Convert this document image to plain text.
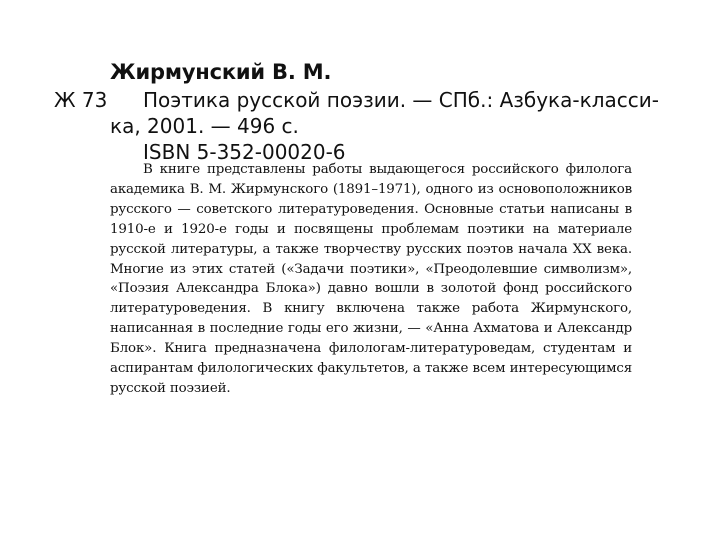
Жирмунский В. М.
Ж 73 Поэтика русской поэзии. — СПб.: Азбука-класси-
ка, 2001. — 496 с.
ISBN 5-352-00020-6
В книге представлены работы выдающегося российского филолога академика В. М. Жирмунского (1891–1971), одного из основоположников русского — советского литературоведения. Основные статьи написаны в 1910-е и 1920-е годы и посвящены проблемам поэтики на материале русской литературы, а также творчеству русских поэтов начала XX века. Многие из этих статей («Задачи поэтики», «Преодолевшие символизм», «Поэзия Александра Блока») давно вошли в золотой фонд российского литературоведения. В книгу включена также работа Жирмунского, написанная в последние годы его жизни, — «Анна Ахматова и Александр Блок». Книга предназначена филологам-литературоведам, студентам и аспирантам филологических факультетов, а также всем интересующимся русской поэзией.
